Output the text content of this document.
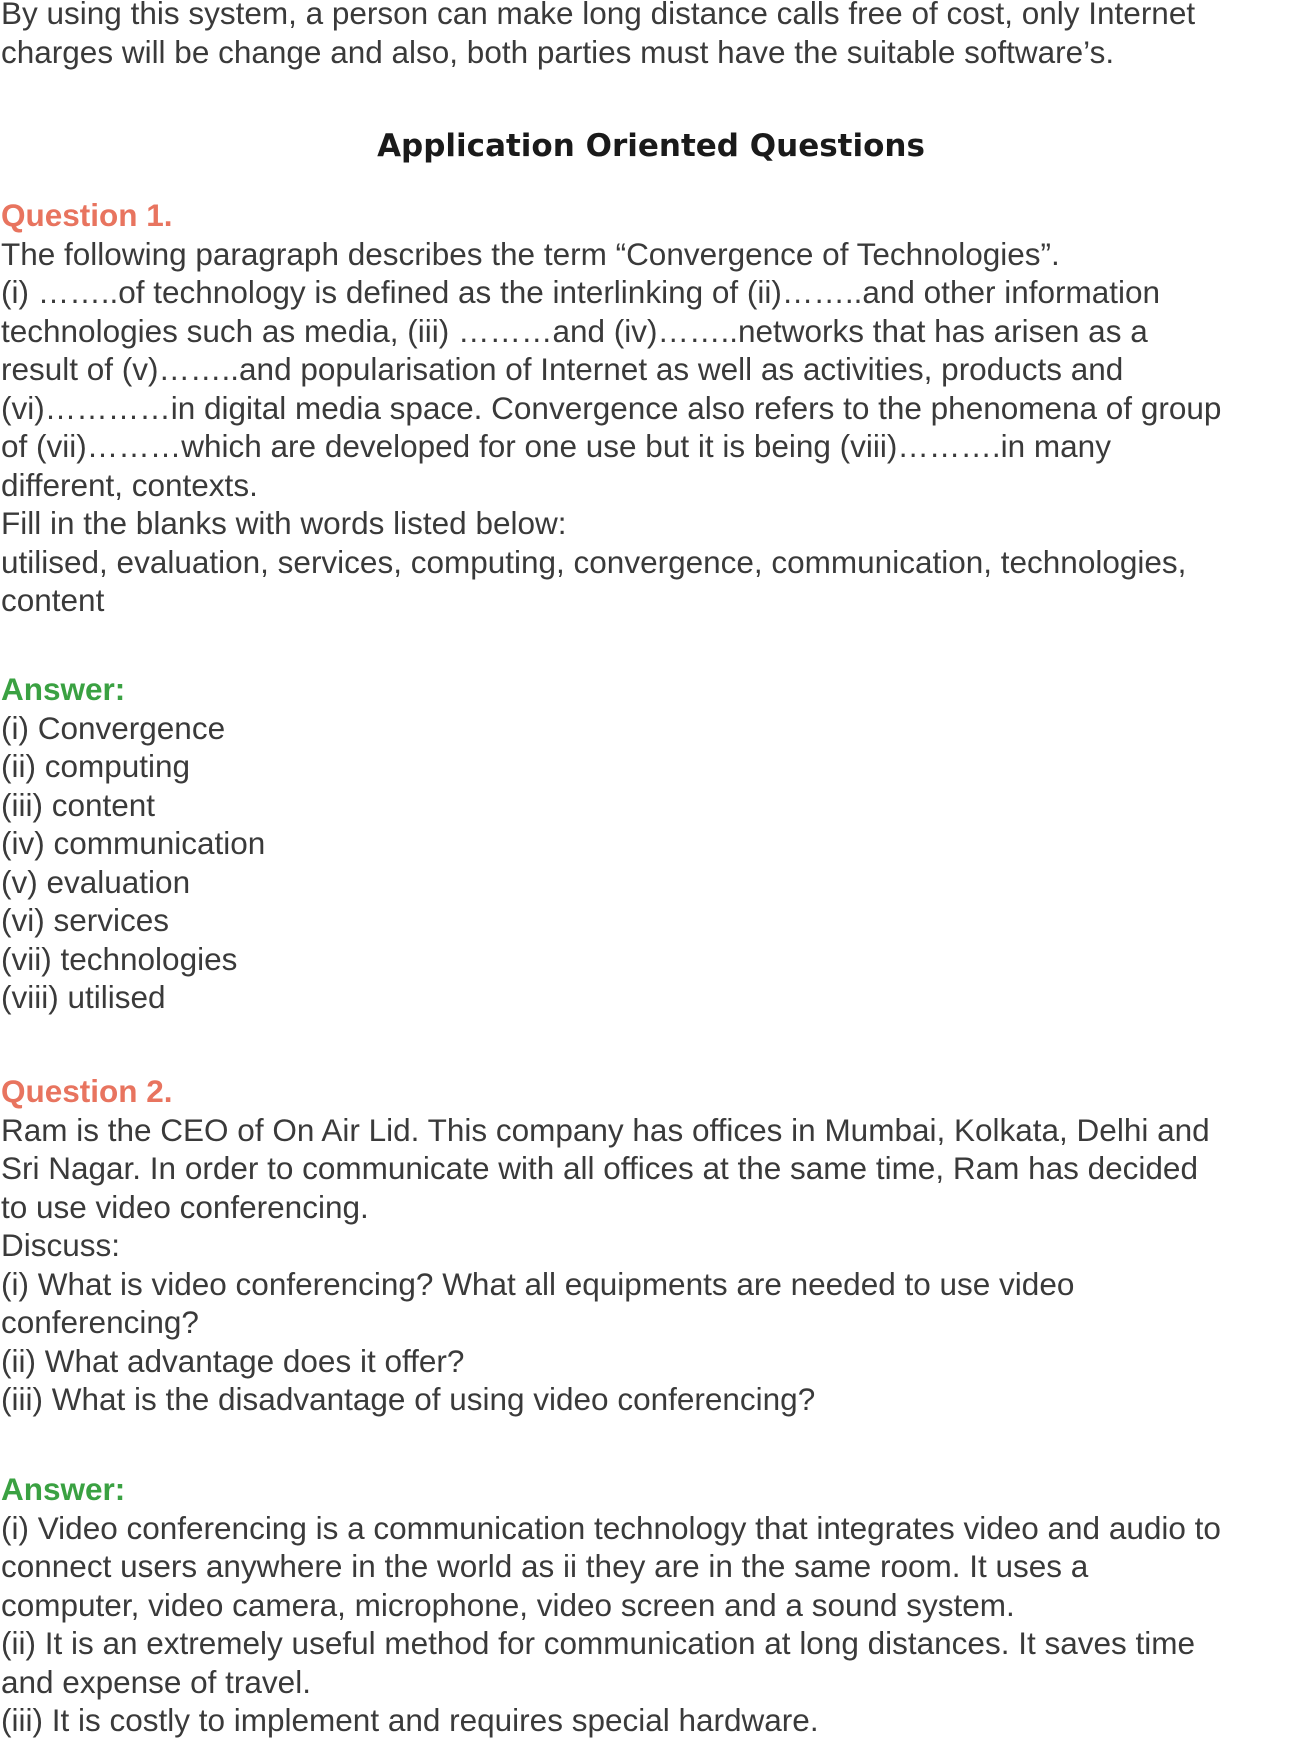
By using this system, a person can make long distance calls free of cost, only Internet

charges will be change and also, both parties must have the suitable software’s.

Application Oriented Questions

Question 1.

The following paragraph describes the term “Convergence of Technologies”.

(i) ……..of technology is defined as the interlinking of (ii)……..and other information

technologies such as media, (iii) ………and (iv)……..networks that has arisen as a

result of (v)……..and popularisation of Internet as well as activities, products and

(vi)…………in digital media space. Convergence also refers to the phenomena of group

of (vii)………which are developed for one use but it is being (viii)……….in many

different, contexts.

Fill in the blanks with words listed below:

utilised, evaluation, services, computing, convergence, communication, technologies,

content

Answer:

(i) Convergence

(ii) computing

(iii) content

(iv) communication

(v) evaluation

(vi) services

(vii) technologies

(viii) utilised

Question 2.

Ram is the CEO of On Air Lid. This company has offices in Mumbai, Kolkata, Delhi and

Sri Nagar. In order to communicate with all offices at the same time, Ram has decided

to use video conferencing.

Discuss:

(i) What is video conferencing? What all equipments are needed to use video

conferencing?

(ii) What advantage does it offer?

(iii) What is the disadvantage of using video conferencing?

Answer:

(i) Video conferencing is a communication technology that integrates video and audio to

connect users anywhere in the world as ii they are in the same room. It uses a

computer, video camera, microphone, video screen and a sound system.

(ii) It is an extremely useful method for communication at long distances. It saves time

and expense of travel.

(iii) It is costly to implement and requires special hardware.
